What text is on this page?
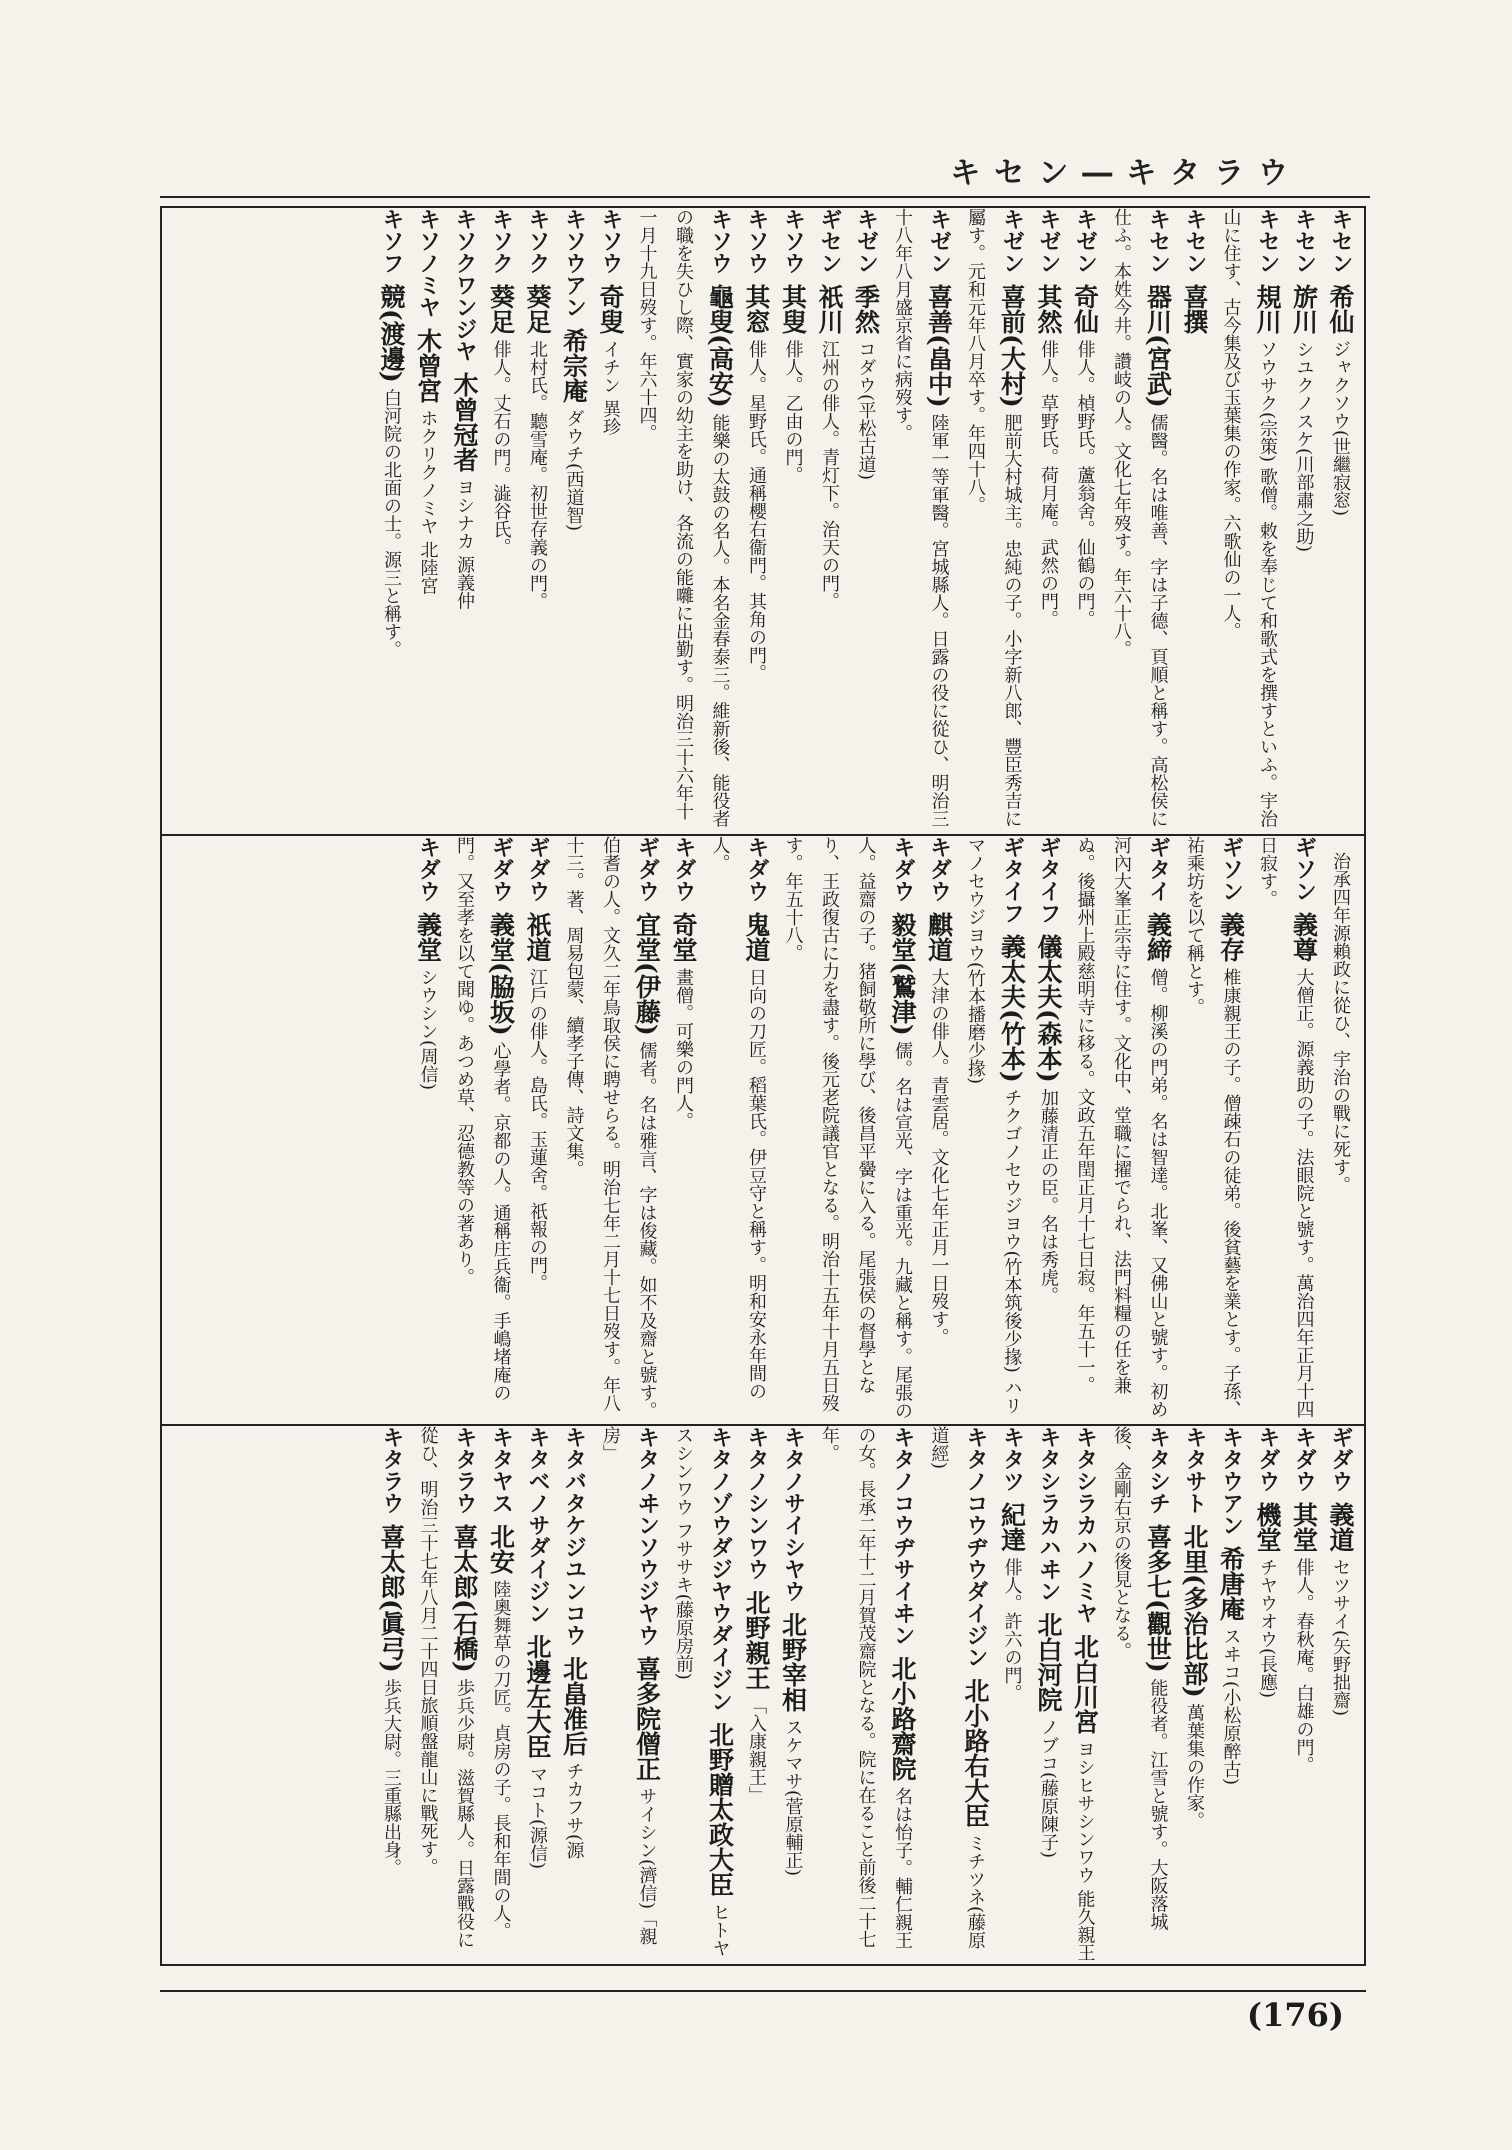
キセン―キタラウ
キセン希仙ジャクソウ(世繼寂窓)
キセン旂川シユクノスケ(川部肅之助)
キセン規川ソウサク(宗策) 歌僧。敕を奉じて和歌式を撰すといふ。宇治山に住す、古今集及び玉葉集の作家。六歌仙の一人。
キセン喜撰
キセン器川(宮武)儒醫。名は唯善、字は子德、頁順と稱す。高松侯に仕ふ。本姓今井。讚岐の人。文化七年歿す。年六十八。
キゼン奇仙俳人。楨野氏。蘆翁舍。仙鶴の門。
キゼン其然俳人。草野氏。荷月庵。武然の門。
キゼン喜前(大村)肥前大村城主。忠純の子。小字新八郎、豐臣秀吉に屬す。元和元年八月卒す。年四十八。
キゼン喜善(畠中)陸軍一等軍醫。宮城縣人。日露の役に從ひ、明治三十八年八月盛京省に病歿す。
キゼン季然コダウ(平松古道)
ギセン祇川江州の俳人。青灯下。治天の門。
キソウ其叟俳人。乙由の門。
キソウ其窓俳人。星野氏。通稱櫻右衞門。其角の門。
キソウ龜叟(高安)能樂の太鼓の名人。本名金春泰三。維新後、能役者の職を失ひし際、實家の幼主を助け、各流の能囃に出勤す。明治三十六年十一月十九日歿す。年六十四。
キソウ奇叟イチン 異珍
キソウアン希宗庵ダウチ(西道智)
キソク葵足北村氏。聽雪庵。初世存義の門。
キソク葵足俳人。丈石の門。澁谷氏。
キソクワンジヤ木曾冠者ヨシナカ 源義仲
キソノミヤ木曾宮ホクリクノミヤ 北陸宮
キソフ競(渡邊)白河院の北面の士。源三と稱す。
治承四年源賴政に從ひ、宇治の戰に死す。
ギソン義尊大僧正。源義助の子。法眼院と號す。萬治四年正月十四日寂す。
ギソン義存椎康親王の子。僧疎石の徒弟。後貧藝を業とす。子孫、祐乘坊を以て稱とす。
ギタイ義締僧。柳溪の門弟。名は智達。北峯、又佛山と號す。初め河內大峯正宗寺に住す。文化中、堂職に擢でられ、法門料糧の任を兼ぬ。後攝州上殿慈明寺に移る。文政五年閏正月十七日寂。年五十一。
ギタイフ儀太夫(森本)加藤清正の臣。名は秀虎。
ギタイフ義太夫(竹本)チクゴノセウジヨウ(竹本筑後少掾) ハリマノセウジヨウ(竹本播磨少掾)
キダウ麒道大津の俳人。青雲居。文化七年正月一日歿す。
キダウ毅堂(鷲津)儒。名は宣光、字は重光。九藏と稱す。尾張の人。益齋の子。猪飼敬所に學び、後昌平黌に入る。尾張侯の督學となり、王政復古に力を盡す。後元老院議官となる。明治十五年十月五日歿す。年五十八。
キダウ鬼道日向の刀匠。稻葉氏。伊豆守と稱す。明和安永年間の人。
キダウ奇堂畫僧。可樂の門人。
ギダウ宜堂(伊藤)儒者。名は雅言、字は俊藏。如不及齋と號す。伯耆の人。文久二年鳥取侯に聘せらる。明治七年二月十七日歿す。年八十三。著、周易包蒙、續孝子傳、詩文集。
ギダウ祇道江戶の俳人。島氏。玉蓮舍。祇報の門。
ギダウ義堂(脇坂)心學者。京都の人。通稱庄兵衞。手嶋堵庵の門。又至孝を以て聞ゆ。あつめ草、忍德教等の著あり。
キダウ義堂シウシン(周信)
ギダウ義道セツサイ(矢野拙齋)
キダウ其堂俳人。春秋庵。白雄の門。
キダウ機堂チヤウオウ(長應)
キタウアン希唐庵スヰコ(小松原醉古)
キタサト北里(多治比部)萬葉集の作家。
キタシチ喜多七(觀世)能役者。江雪と號す。大阪落城後、金剛右京の後見となる。
キタシラカハノミヤ北白川宮ヨシヒサシンワウ 能久親王
キタシラカハヰン北白河院ノブコ(藤原陳子)
キタツ紀達俳人。許六の門。
キタノコウヂウダイジン北小路右大臣ミチツネ(藤原道經)
キタノコウヂサイヰン北小路齋院名は怡子。輔仁親王の女。長承二年十二月賀茂齋院となる。院に在ること前後二十七年。
キタノサイシヤウ北野宰相スケマサ(菅原輔正)
キタノシンワウ北野親王「入康親王」
キタノゾウダジヤウダイジン北野贈太政大臣ヒトヤスシンワウ フササキ(藤原房前)
キタノヰンソウジヤウ喜多院僧正サイシン(濟信)「親房」
キタバタケジユンコウ北畠准后チカフサ(源
キタベノサダイジン北邊左大臣マコト(源信)
キタヤス北安陸奧舞草の刀匠。貞房の子。長和年間の人。
キタラウ喜太郎(石橋)歩兵少尉。滋賀縣人。日露戰役に從ひ、明治三十七年八月二十四日旅順盤龍山に戰死す。
キタラウ喜太郎(眞弓)歩兵大尉。三重縣出身。
(176)
